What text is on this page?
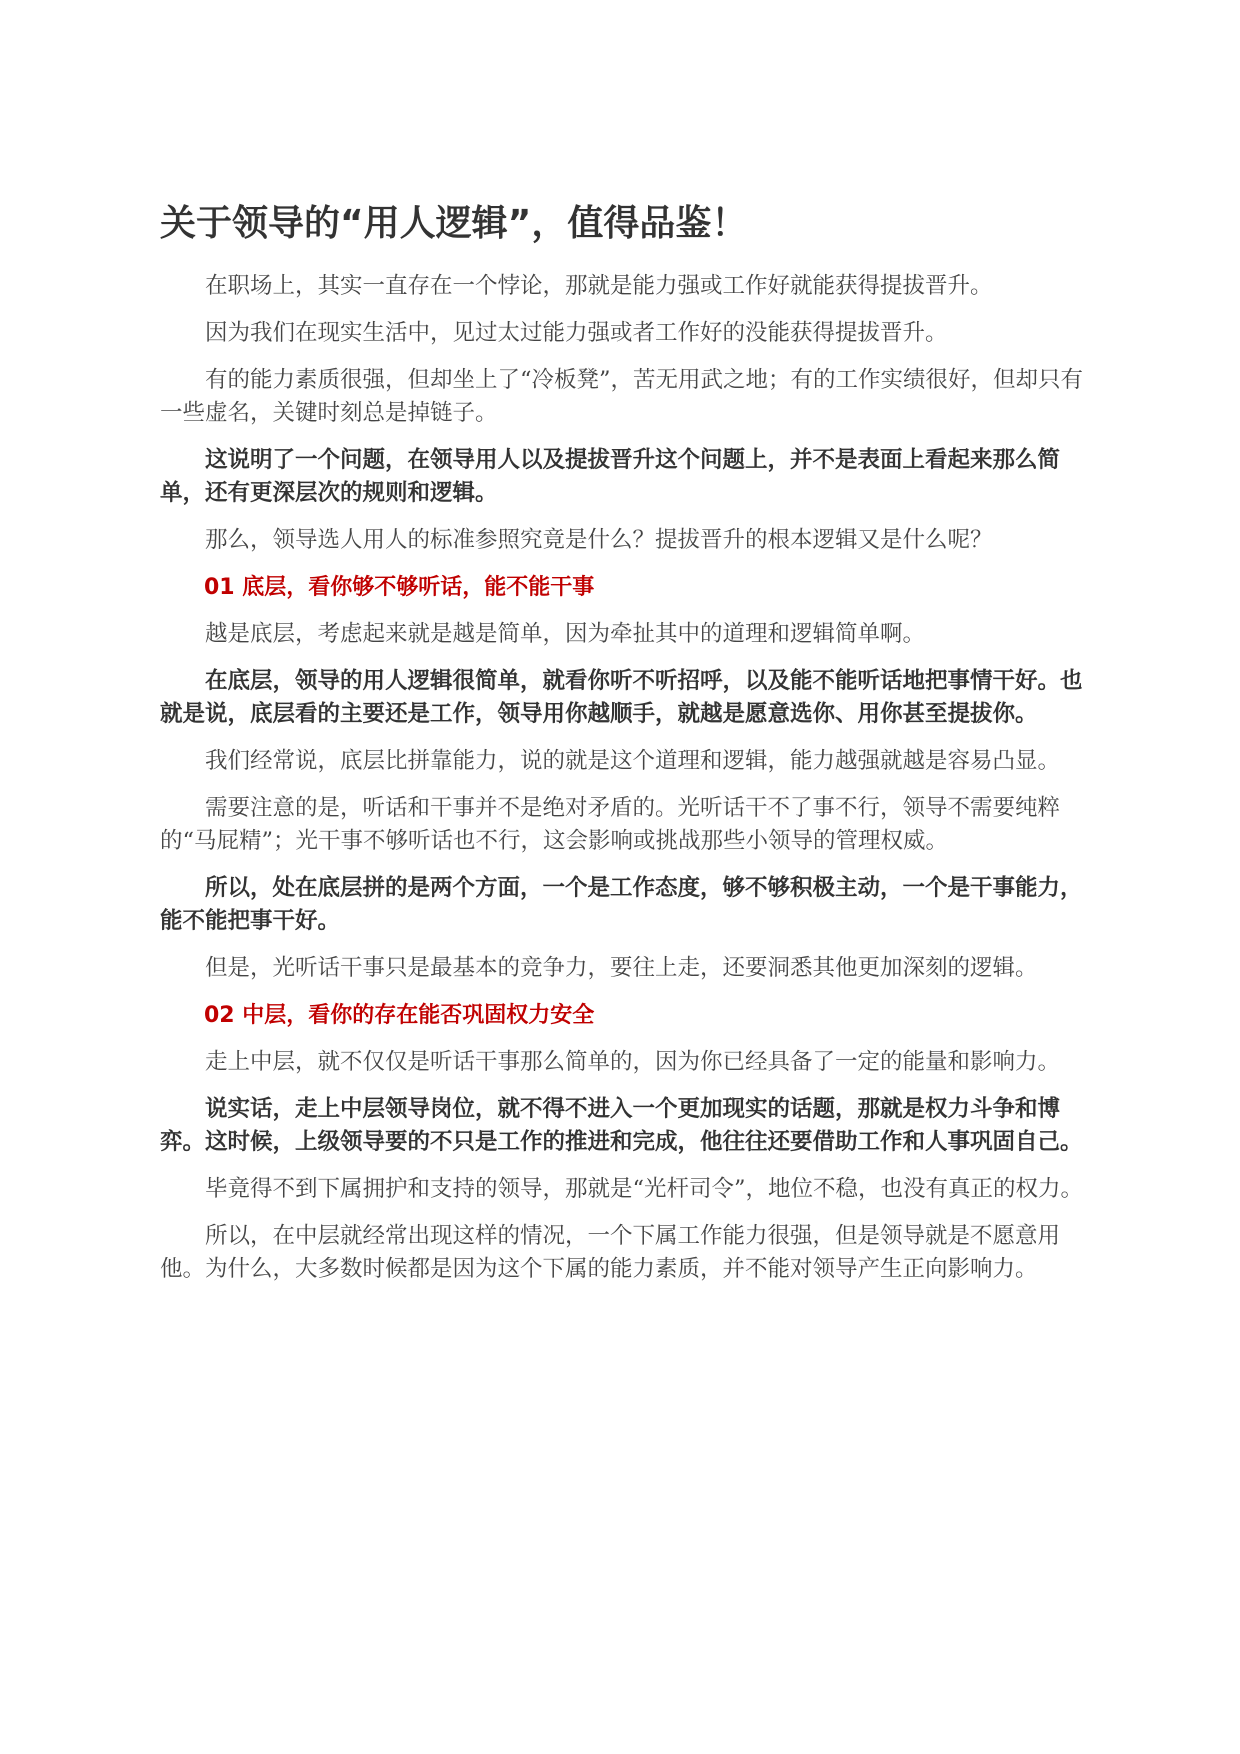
关于领导的“用人逻辑”，值得品鉴！

在职场上，其实一直存在一个悖论，那就是能力强或工作好就能获得提拔晋升。

因为我们在现实生活中，见过太过能力强或者工作好的没能获得提拔晋升。

有的能力素质很强，但却坐上了“冷板凳”，苦无用武之地；有的工作实绩很好，但却只有一些虚名，关键时刻总是掉链子。

这说明了一个问题，在领导用人以及提拔晋升这个问题上，并不是表面上看起来那么简单，还有更深层次的规则和逻辑。

那么，领导选人用人的标准参照究竟是什么？提拔晋升的根本逻辑又是什么呢？

01 底层，看你够不够听话，能不能干事

越是底层，考虑起来就是越是简单，因为牵扯其中的道理和逻辑简单啊。

在底层，领导的用人逻辑很简单，就看你听不听招呼，以及能不能听话地把事情干好。也就是说，底层看的主要还是工作，领导用你越顺手，就越是愿意选你、用你甚至提拔你。

我们经常说，底层比拼靠能力，说的就是这个道理和逻辑，能力越强就越是容易凸显。

需要注意的是，听话和干事并不是绝对矛盾的。光听话干不了事不行，领导不需要纯粹的“马屁精”；光干事不够听话也不行，这会影响或挑战那些小领导的管理权威。

所以，处在底层拼的是两个方面，一个是工作态度，够不够积极主动，一个是干事能力，能不能把事干好。

但是，光听话干事只是最基本的竞争力，要往上走，还要洞悉其他更加深刻的逻辑。

02 中层，看你的存在能否巩固权力安全

走上中层，就不仅仅是听话干事那么简单的，因为你已经具备了一定的能量和影响力。

说实话，走上中层领导岗位，就不得不进入一个更加现实的话题，那就是权力斗争和博弈。这时候，上级领导要的不只是工作的推进和完成，他往往还要借助工作和人事巩固自己。

毕竟得不到下属拥护和支持的领导，那就是“光杆司令”，地位不稳，也没有真正的权力。

所以，在中层就经常出现这样的情况，一个下属工作能力很强，但是领导就是不愿意用他。为什么，大多数时候都是因为这个下属的能力素质，并不能对领导产生正向影响力。
